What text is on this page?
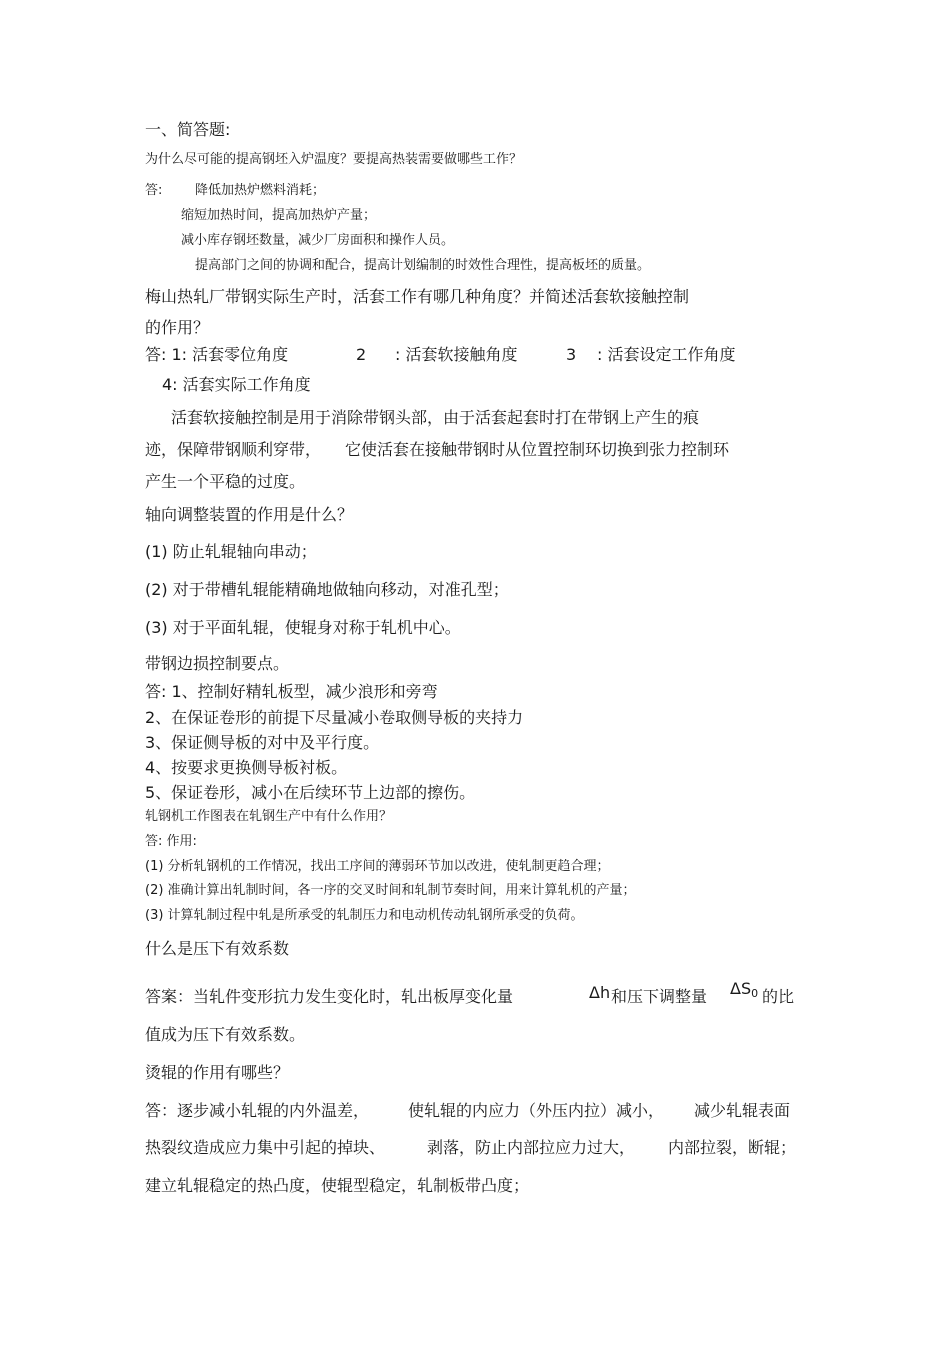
一、简答题:
为什么尽可能的提高钢坯入炉温度？要提高热装需要做哪些工作？
答:	降低加热炉燃料消耗；
缩短加热时间，提高加热炉产量；
减小库存钢坯数量，减少厂房面积和操作人员。
提高部门之间的协调和配合，提高计划编制的时效性合理性，提高板坯的质量。
梅山热轧厂带钢实际生产时，活套工作有哪几种角度？并简述活套软接触控制
的作用？
答: 1: 活套零位角度	2 : 活套软接触角度	3 : 活套设定工作角度
4: 活套实际工作角度
活套软接触控制是用于消除带钢头部，由于活套起套时打在带钢上产生的痕
迹，保障带钢顺利穿带， 它使活套在接触带钢时从位置控制环切换到张力控制环
产生一个平稳的过度。
轴向调整装置的作用是什么？
(1) 防止轧辊轴向串动；
(2) 对于带槽轧辊能精确地做轴向移动，对准孔型；
(3) 对于平面轧辊，使辊身对称于轧机中心。
带钢边损控制要点。
答: 1、控制好精轧板型，减少浪形和旁弯
2、在保证卷形的前提下尽量减小卷取侧导板的夹持力
3、保证侧导板的对中及平行度。
4、按要求更换侧导板衬板。
5、保证卷形，减小在后续环节上边部的擦伤。
轧钢机工作图表在轧钢生产中有什么作用？
答: 作用:
(1) 分析轧钢机的工作情况，找出工序间的薄弱环节加以改进，使轧制更趋合理；
(2) 准确计算出轧制时间，各一序的交叉时间和轧制节奏时间，用来计算轧机的产量；
(3) 计算轧制过程中轧是所承受的轧制压力和电动机传动轧钢所承受的负荷。
什么是压下有效系数
答案：当轧件变形抗力发生变化时，轧出板厚变化量	Δh 和压下调整量 ΔS0 的比
值成为压下有效系数。
烫辊的作用有哪些？
答：逐步减小轧辊的内外温差， 使轧辊的内应力（外压内拉）减小， 减少轧辊表面
热裂纹造成应力集中引起的掉块、	剥落，防止内部拉应力过大， 内部拉裂，断辊；
建立轧辊稳定的热凸度，使辊型稳定，轧制板带凸度；
